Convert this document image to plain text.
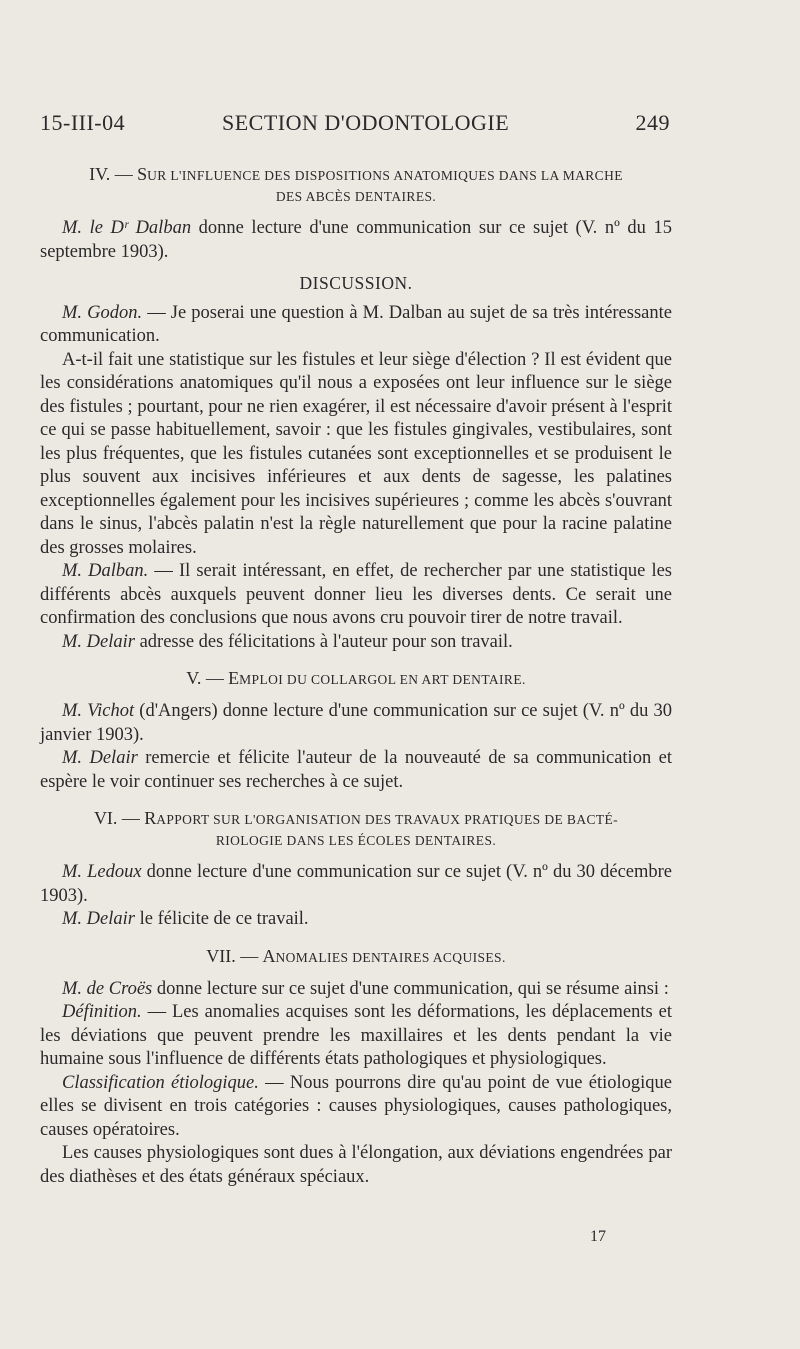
15-III-04	SECTION D'ODONTOLOGIE	249
IV. — SUR L'INFLUENCE DES DISPOSITIONS ANATOMIQUES DANS LA MARCHE
DES ABCÈS DENTAIRES.

M. le Dʳ Dalban donne lecture d'une communication sur ce sujet (V. nº du 15 septembre 1903).

DISCUSSION.

M. Godon. — Je poserai une question à M. Dalban au sujet de sa très intéressante communication.

A-t-il fait une statistique sur les fistules et leur siège d'élection ? Il est évident que les considérations anatomiques qu'il nous a exposées ont leur influence sur le siège des fistules ; pourtant, pour ne rien exagérer, il est nécessaire d'avoir présent à l'esprit ce qui se passe habituellement, savoir : que les fistules gingivales, vestibulaires, sont les plus fréquentes, que les fistules cutanées sont exceptionnelles et se produisent le plus souvent aux incisives inférieures et aux dents de sagesse, les palatines exceptionnelles également pour les incisives supérieures ; comme les abcès s'ouvrant dans le sinus, l'abcès palatin n'est la règle naturellement que pour la racine palatine des grosses molaires.

M. Dalban. — Il serait intéressant, en effet, de rechercher par une statistique les différents abcès auxquels peuvent donner lieu les diverses dents. Ce serait une confirmation des conclusions que nous avons cru pouvoir tirer de notre travail.

M. Delair adresse des félicitations à l'auteur pour son travail.

V. — EMPLOI DU COLLARGOL EN ART DENTAIRE.

M. Vichot (d'Angers) donne lecture d'une communication sur ce sujet (V. nº du 30 janvier 1903).

M. Delair remercie et félicite l'auteur de la nouveauté de sa communication et espère le voir continuer ses recherches à ce sujet.

VI. — RAPPORT SUR L'ORGANISATION DES TRAVAUX PRATIQUES DE BACTÉ-
RIOLOGIE DANS LES ÉCOLES DENTAIRES.

M. Ledoux donne lecture d'une communication sur ce sujet (V. nº du 30 décembre 1903).

M. Delair le félicite de ce travail.

VII. — ANOMALIES DENTAIRES ACQUISES.

M. de Croës donne lecture sur ce sujet d'une communication, qui se résume ainsi :

Définition. — Les anomalies acquises sont les déformations, les déplacements et les déviations que peuvent prendre les maxillaires et les dents pendant la vie humaine sous l'influence de différents états pathologiques et physiologiques.

Classification étiologique. — Nous pourrons dire qu'au point de vue étiologique elles se divisent en trois catégories : causes physiologiques, causes pathologiques, causes opératoires.

Les causes physiologiques sont dues à l'élongation, aux déviations engendrées par des diathèses et des états généraux spéciaux.

17
